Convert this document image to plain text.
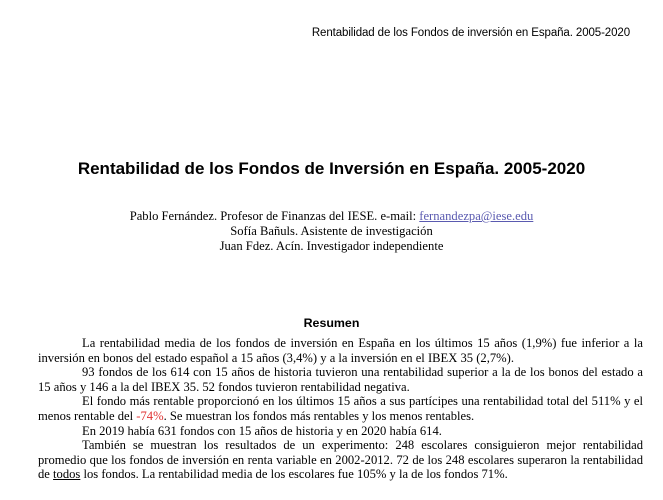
Rentabilidad de los Fondos de inversión en España. 2005-2020
Rentabilidad de los Fondos de Inversión en España. 2005-2020
Pablo Fernández. Profesor de Finanzas del IESE. e-mail: fernandezpa@iese.edu
Sofía Bañuls. Asistente de investigación
Juan Fdez. Acín. Investigador independiente
Resumen

La rentabilidad media de los fondos de inversión en España en los últimos 15 años (1,9%) fue inferior a la inversión en bonos del estado español a 15 años (3,4%) y a la inversión en el IBEX 35 (2,7%).

93 fondos de los 614 con 15 años de historia tuvieron una rentabilidad superior a la de los bonos del estado a 15 años y 146 a la del IBEX 35. 52 fondos tuvieron rentabilidad negativa.

El fondo más rentable proporcionó en los últimos 15 años a sus partícipes una rentabilidad total del 511% y el menos rentable del -74%. Se muestran los fondos más rentables y los menos rentables.

En 2019 había 631 fondos con 15 años de historia y en 2020 había 614.

También se muestran los resultados de un experimento: 248 escolares consiguieron mejor rentabilidad promedio que los fondos de inversión en renta variable en 2002-2012. 72 de los 248 escolares superaron la rentabilidad de todos los fondos. La rentabilidad media de los escolares fue 105% y la de los fondos 71%.
